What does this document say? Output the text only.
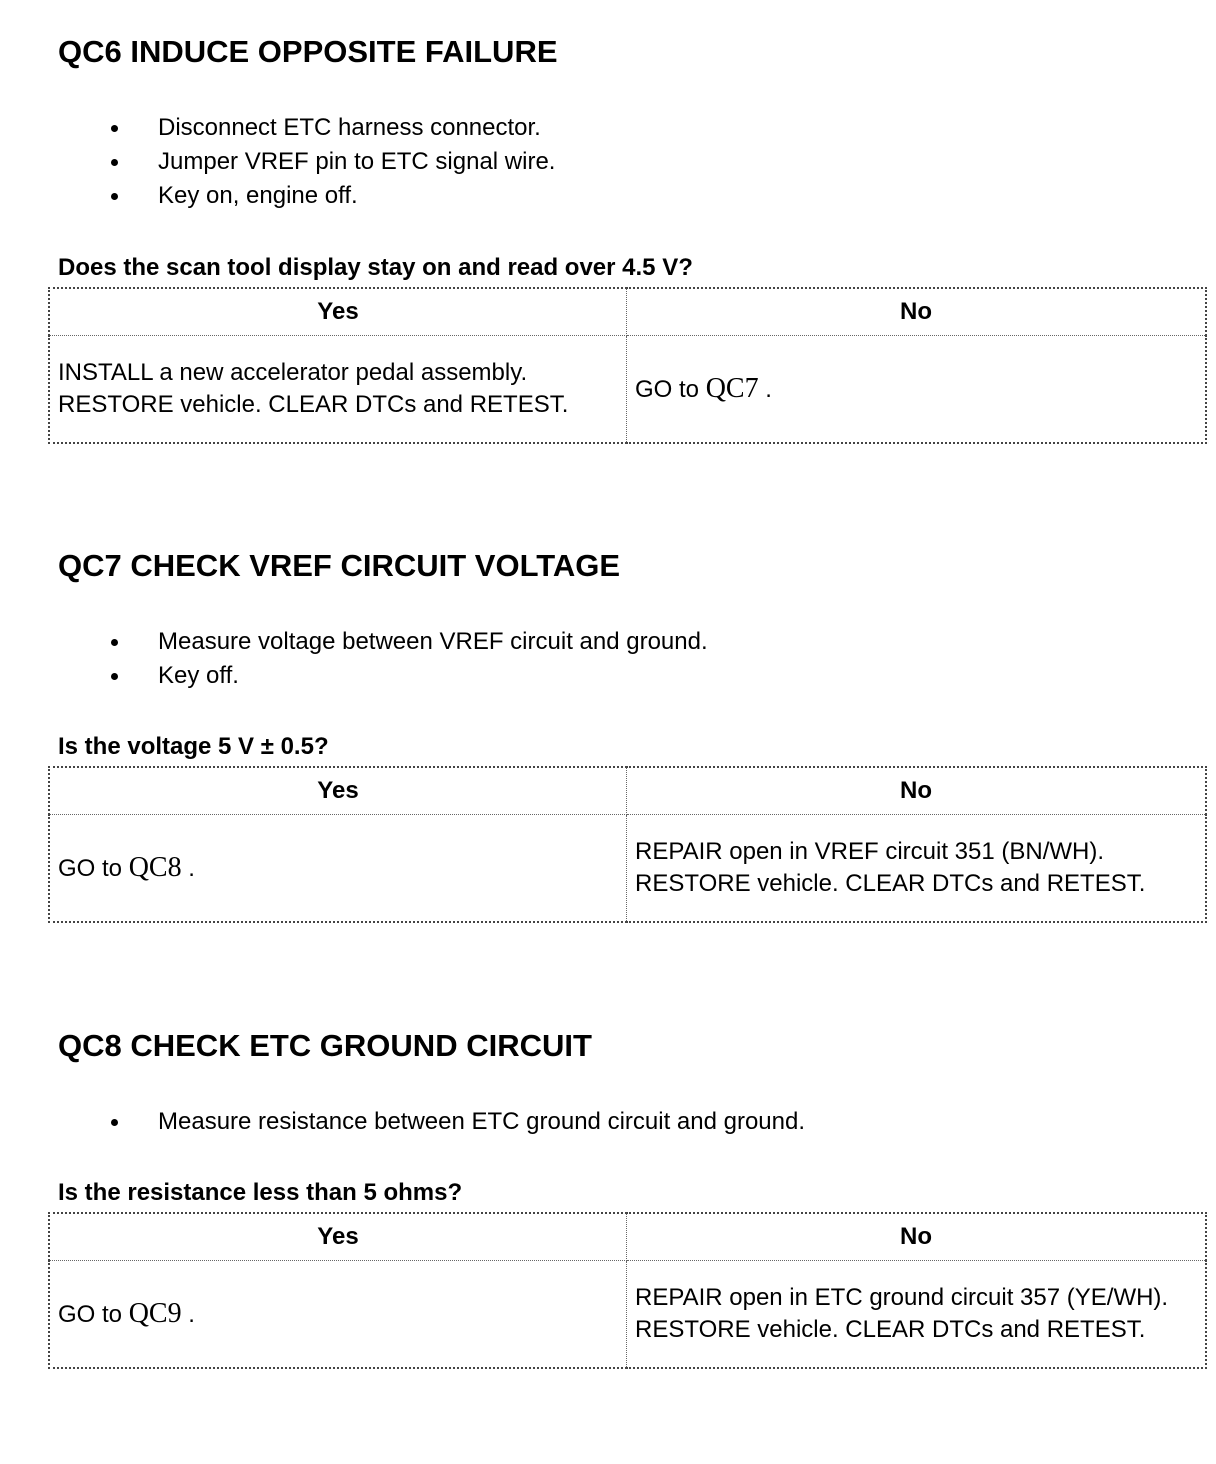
QC6 INDUCE OPPOSITE FAILURE
Disconnect ETC harness connector.
Jumper VREF pin to ETC signal wire.
Key on, engine off.

Does the scan tool display stay on and read over 4.5 V?

Yes	No
INSTALL a new accelerator pedal assembly. RESTORE vehicle. CLEAR DTCs and RETEST.	GO to QC7 .
QC7 CHECK VREF CIRCUIT VOLTAGE
Measure voltage between VREF circuit and ground.
Key off.

Is the voltage 5 V ± 0.5?

Yes	No
GO to QC8 .	REPAIR open in VREF circuit 351 (BN/WH). RESTORE vehicle. CLEAR DTCs and RETEST.
QC8 CHECK ETC GROUND CIRCUIT
Measure resistance between ETC ground circuit and ground.

Is the resistance less than 5 ohms?

Yes	No
GO to QC9 .	REPAIR open in ETC ground circuit 357 (YE/WH). RESTORE vehicle. CLEAR DTCs and RETEST.
